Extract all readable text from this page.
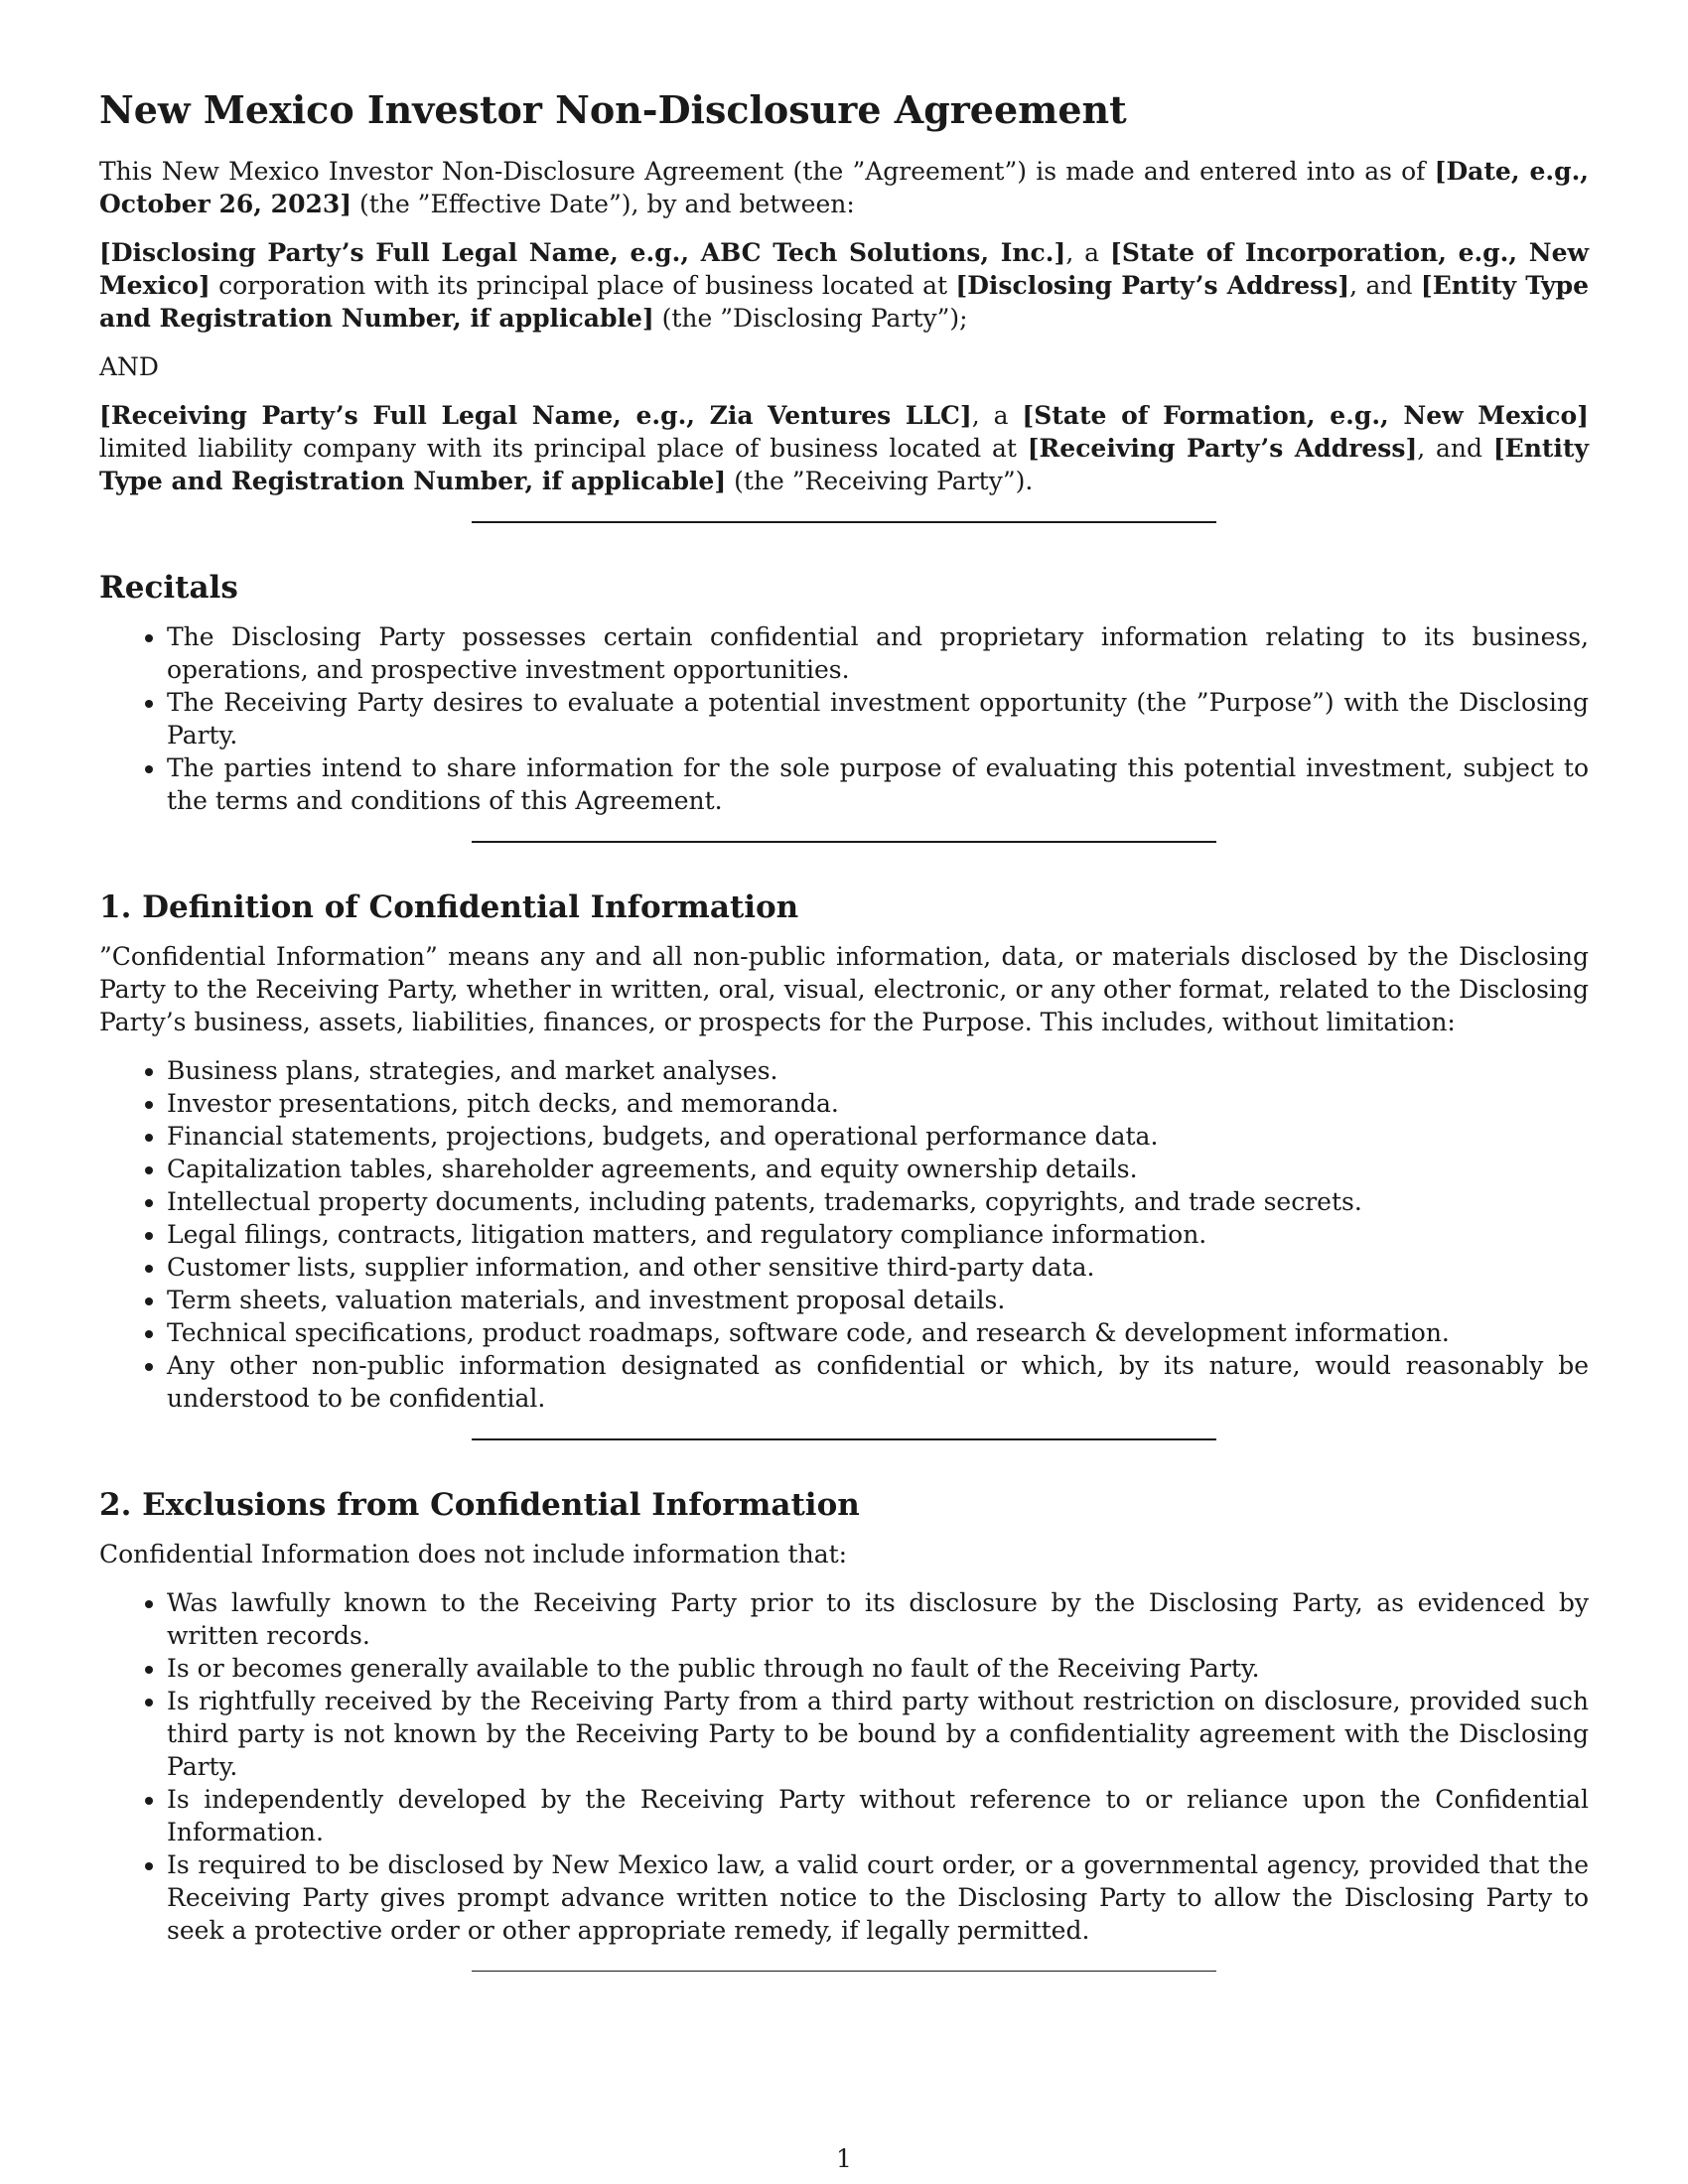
New Mexico Investor Non-Disclosure Agreement

This New Mexico Investor Non-Disclosure Agreement (the ”Agreement”) is made and entered into as of [Date, e.g., October 26, 2023] (the ”Effective Date”), by and between:

[Disclosing Party’s Full Legal Name, e.g., ABC Tech Solutions, Inc.], a [State of Incorporation, e.g., New Mexico] corporation with its principal place of business located at [Disclosing Party’s Address], and [Entity Type and Registration Number, if applicable] (the ”Disclosing Party”);

AND

[Receiving Party’s Full Legal Name, e.g., Zia Ventures LLC], a [State of Formation, e.g., New Mexico] limited liability company with its principal place of business located at [Receiving Party’s Address], and [Entity Type and Registration Number, if applicable] (the ”Receiving Party”).

Recitals
• The Disclosing Party possesses certain confidential and proprietary information relating to its business, operations, and prospective investment opportunities.
• The Receiving Party desires to evaluate a potential investment opportunity (the ”Purpose”) with the Disclosing Party.
• The parties intend to share information for the sole purpose of evaluating this potential investment, subject to the terms and conditions of this Agreement.
1. Definition of Confidential Information

”Confidential Information” means any and all non-public information, data, or materials disclosed by the Disclosing Party to the Receiving Party, whether in written, oral, visual, electronic, or any other format, related to the Disclosing Party’s business, assets, liabilities, finances, or prospects for the Purpose. This includes, without limitation:

• Business plans, strategies, and market analyses.
• Investor presentations, pitch decks, and memoranda.
• Financial statements, projections, budgets, and operational performance data.
• Capitalization tables, shareholder agreements, and equity ownership details.
• Intellectual property documents, including patents, trademarks, copyrights, and trade secrets.
• Legal filings, contracts, litigation matters, and regulatory compliance information.
• Customer lists, supplier information, and other sensitive third-party data.
• Term sheets, valuation materials, and investment proposal details.
• Technical specifications, product roadmaps, software code, and research & development information.
• Any other non-public information designated as confidential or which, by its nature, would reasonably be understood to be confidential.
2. Exclusions from Confidential Information

Confidential Information does not include information that:

• Was lawfully known to the Receiving Party prior to its disclosure by the Disclosing Party, as evidenced by written records.
• Is or becomes generally available to the public through no fault of the Receiving Party.
• Is rightfully received by the Receiving Party from a third party without restriction on disclosure, provided such third party is not known by the Receiving Party to be bound by a confidentiality agreement with the Disclosing Party.
• Is independently developed by the Receiving Party without reference to or reliance upon the Confidential Information.
• Is required to be disclosed by New Mexico law, a valid court order, or a governmental agency, provided that the Receiving Party gives prompt advance written notice to the Disclosing Party to allow the Disclosing Party to seek a protective order or other appropriate remedy, if legally permitted.
1
